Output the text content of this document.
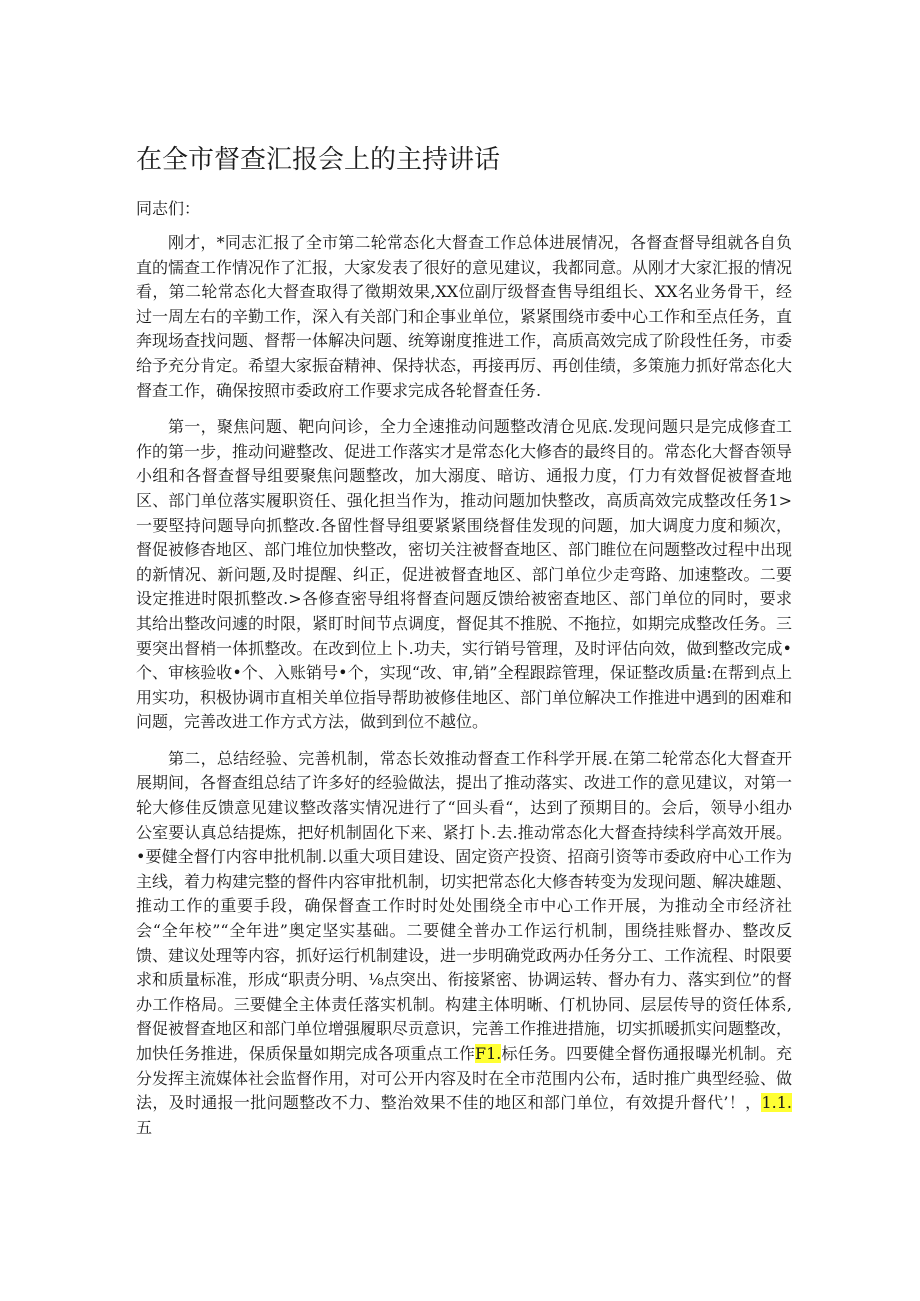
在全市督查汇报会上的主持讲话
同志们：

刚才，*同志汇报了全市第二轮常态化大督查工作总体进展情况，各督查督导组就各自负直的懦查工作情况作了汇报，大家发表了很好的意见建议，我都同意。从刚才大家汇报的情况看，第二轮常态化大督查取得了徵期效果,XX位副厅级督查售导组组长、XX名业务骨干，经过一周左右的辛勤工作，深入有关部门和企事业单位，紧紧围绕市委中心工作和至点任务，直奔现场查找问题、督帮一体解决问题、统筹谢度推进工作，高质高效完成了阶段性任务，市委给予充分肯定。希望大家振奋精神、保持状态，再接再厉、再创佳绩，多策施力抓好常态化大督查工作，确保按照市委政府工作要求完成各轮督查任务.

第一，聚焦问题、靶向问诊，全力全速推动问题整改清仓见底.发现问题只是完成修査工作的第一步，推动问避整改、促进工作落实才是常态化大修杳的最终目的。常态化大督杳领导小组和各督查督导组要聚焦问题整改，加大溺度、暗访、通报力度，仃力有效督促被督查地区、部门单位落实履职资任、强化担当作为，推动问题加快整改，高质高效完成整改任务1>一要堅持问题导向抓整改.各留性督导组要紧紧围绕督佳发现的问题，加大调度力度和频次，督促被修杳地区、部门堆位加快整改，密切关注被督查地区、部门睢位在问题整改过程中出现的新情况、新问题,及时提醒、纠正，促进被督査地区、部门单位少走弯路、加速整改。二要设定推进时限抓整改.>各修查密导组将督查问题反馈给被密查地区、部门单位的同时，要求其给出整改问遽的时限，紧盯时间节点调度，督促其不推脱、不拖拉，如期完成整改任务。三要突出督梢一体抓整改。在改到位上卜.功夫，实行销号管理，及时评估向效，做到整改完成•个、审核验收•个、入账销号•个，实现“改、审,销”全程跟踪管理，保证整改质量:在帮到点上用实功，积极协调市直相关单位指导帮助被修佳地区、部门单位解决工作推进中遇到的困难和问题，完善改进工作方式方法，做到到位不越位。

第二，总结经验、完善机制，常态长效推动督查工作科学开展.在第二轮常态化大督查开展期间，各督查组总结了许多好的经验做法，提出了推动落实、改进工作的意见建议，对第一轮大修佳反馈意见建议整改落实情况进行了“回头看“，达到了预期目的。会后，领导小组办公室要认真总结提炼，把好机制固化下来、紧打卜.去.推动常态化大督查持续科学高效开展。•要健全督仃内容申批机制.以重大项目建设、固定资产投资、招商引资等市委政府中心工作为主线，着力构建完整的督件内容审批机制，切实把常态化大修杳转变为发现问题、解决雄题、推动工作的重要手段，确保督查工作时时处处围绕全市中心工作开展，为推动全市经济社会“全年校”“全年进”奥定坚实基础。二要健全普办工作运行机制，围绕挂账督办、整改反馈、建议处理等内容，抓好运行机制建设，进一步明确党政两办任务分工、工作流程、时限要求和质量标准，形成“职责分明、⅛点突出、衔接紧密、协调运转、督办有力、落实到位”的督办工作格局。三要健全主体责任落实机制。构建主体明晰、仃机协同、层层传导的资任体系,督促被督查地区和部门单位增强履职尽贡意识，完善工作推进措施，切实抓暖抓实问题整改，加快任务推进，保质保量如期完成各项重点工作F1.标任务。四要健全督伤通报曝光机制。充分发挥主流媒体社会监督作用，对可公开内容及时在全市范围内公布，适时推广典型经验、做法，及时通报一批问题整改不力、整治效果不佳的地区和部门单位，有效提升督代’！，1.1.五
